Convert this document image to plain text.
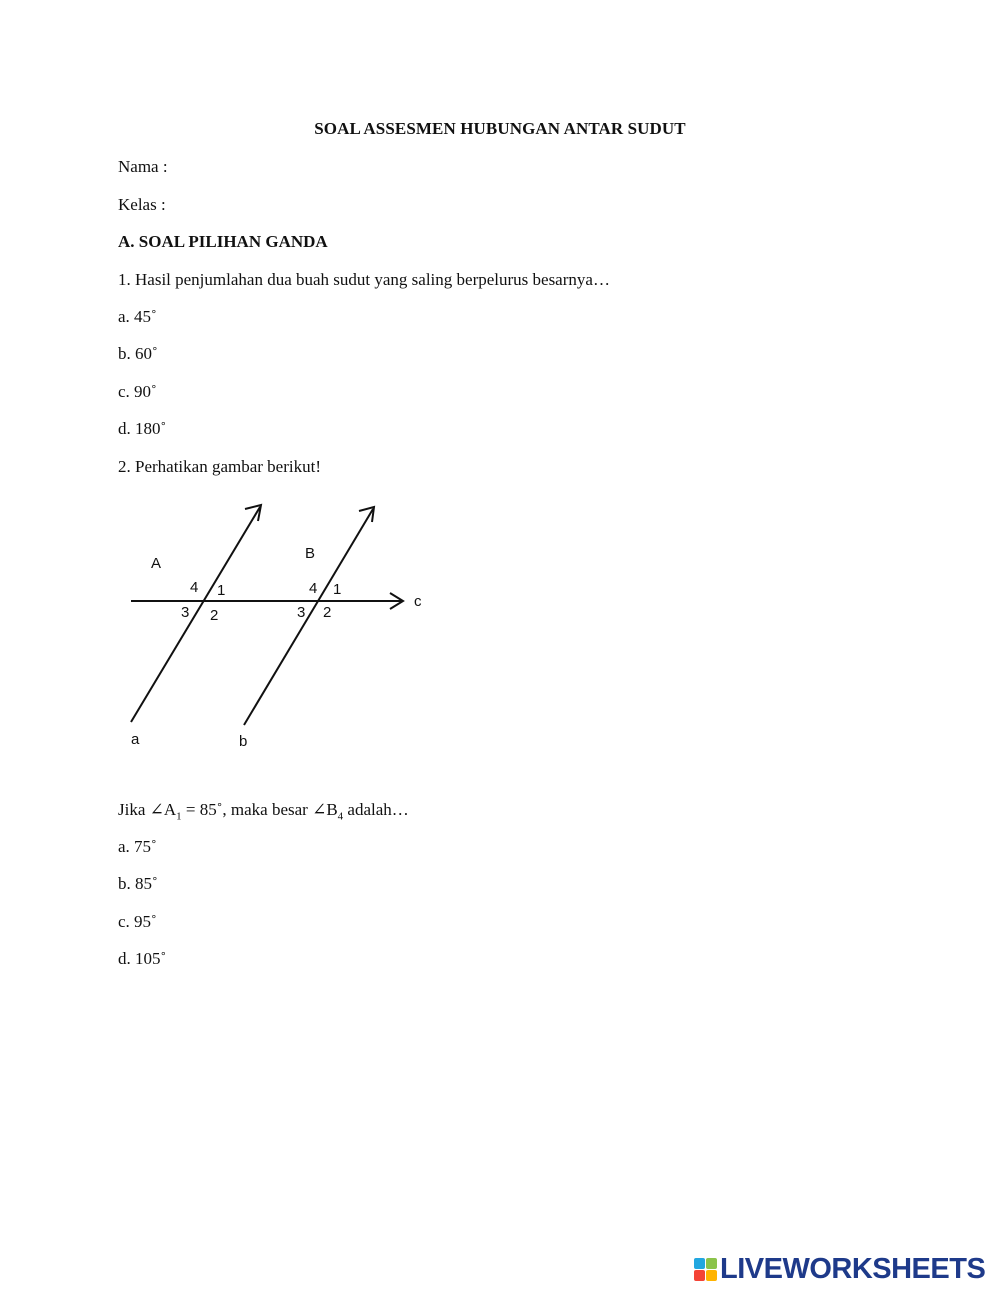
SOAL ASSESMEN HUBUNGAN ANTAR SUDUT
Nama :
Kelas :
A. SOAL PILIHAN GANDA
1. Hasil penjumlahan dua buah sudut yang saling berpelurus besarnya…
a. 45˚
b. 60˚
c. 90˚
d. 180˚
2. Perhatikan gambar berikut!
A
B
4 1
3 2
4 1
3 2
c
a	b
Jika $\angle A_1$ = 85˚, maka besar $\angle B_4$ adalah…
a. 75˚
b. 85˚
c. 95˚
d. 105˚
LIVEWORKSHEETS
